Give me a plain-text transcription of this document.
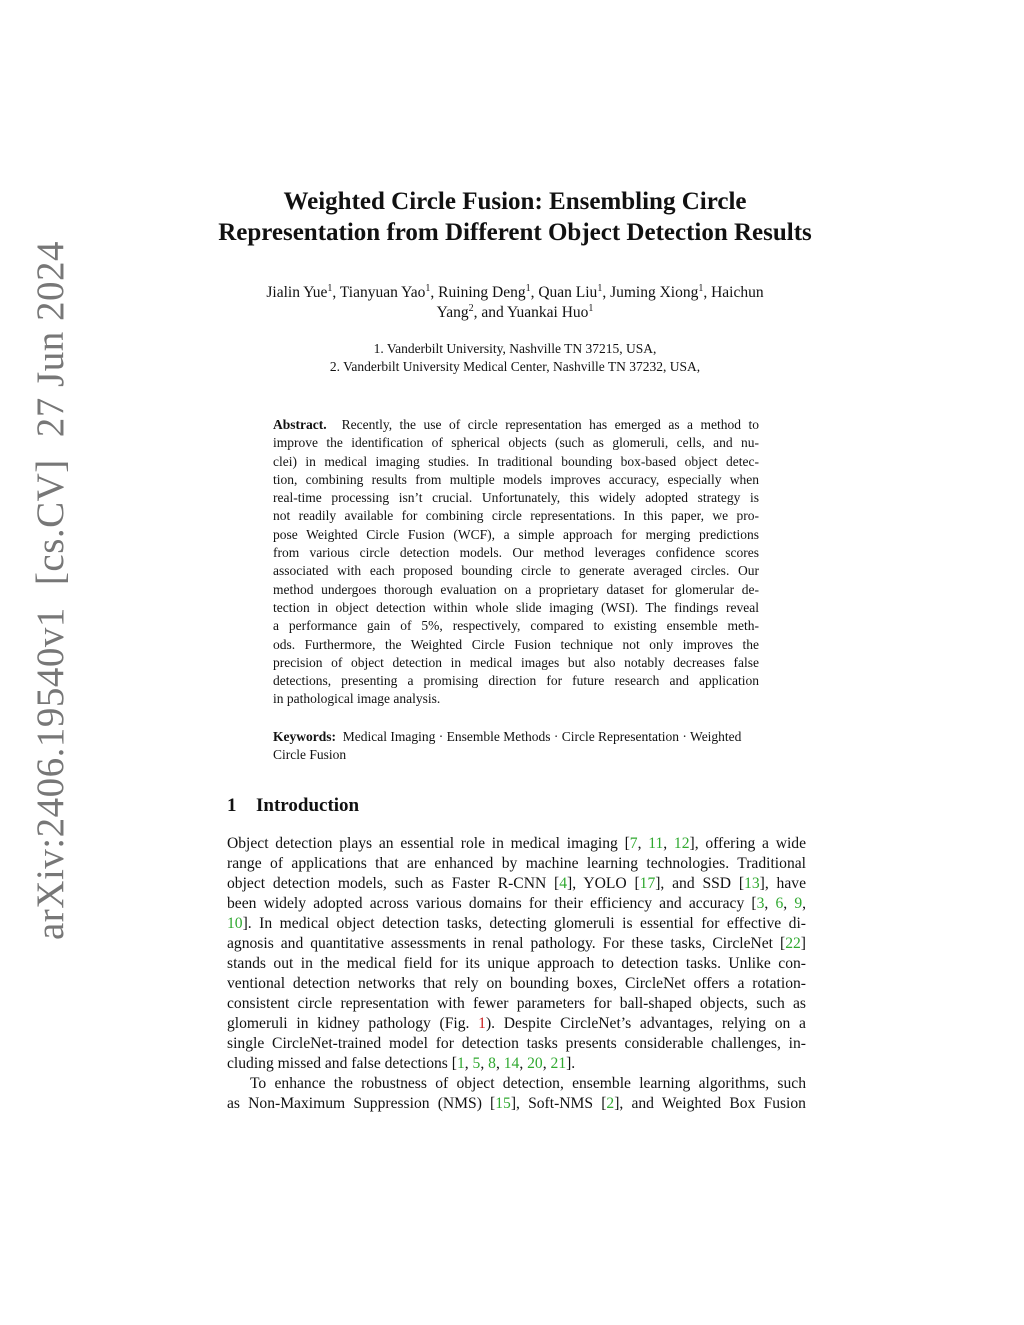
arXiv:2406.19540v1[cs.CV]27 Jun 2024
Weighted Circle Fusion: Ensembling Circle
Representation from Different Object Detection Results
Jialin Yue$^1$, Tianyuan Yao$^1$, Ruining Deng$^1$, Quan Liu$^1$, Juming Xiong$^1$, Haichun
Yang$^2$, and Yuankai Huo$^1$
1. Vanderbilt University, Nashville TN 37215, USA,
2. Vanderbilt University Medical Center, Nashville TN 37232, USA,
Abstract. Recently, the use of circle representation has emerged as a method to
improve the identification of spherical objects (such as glomeruli, cells, and nu-
clei) in medical imaging studies. In traditional bounding box-based object detec-
tion, combining results from multiple models improves accuracy, especially when
real-time processing isn’t crucial. Unfortunately, this widely adopted strategy is
not readily available for combining circle representations. In this paper, we pro-
pose Weighted Circle Fusion (WCF), a simple approach for merging predictions
from various circle detection models. Our method leverages confidence scores
associated with each proposed bounding circle to generate averaged circles. Our
method undergoes thorough evaluation on a proprietary dataset for glomerular de-
tection in object detection within whole slide imaging (WSI). The findings reveal
a performance gain of 5%, respectively, compared to existing ensemble meth-
ods. Furthermore, the Weighted Circle Fusion technique not only improves the
precision of object detection in medical images but also notably decreases false
detections, presenting a promising direction for future research and application
in pathological image analysis.
Keywords: Medical Imaging · Ensemble Methods · Circle Representation · Weighted
Circle Fusion
1 Introduction
Object detection plays an essential role in medical imaging [7, 11, 12], offering a wide
range of applications that are enhanced by machine learning technologies. Traditional
object detection models, such as Faster R-CNN [4], YOLO [17], and SSD [13], have
been widely adopted across various domains for their efficiency and accuracy [3, 6, 9,
10]. In medical object detection tasks, detecting glomeruli is essential for effective di-
agnosis and quantitative assessments in renal pathology. For these tasks, CircleNet [22]
stands out in the medical field for its unique approach to detection tasks. Unlike con-
ventional detection networks that rely on bounding boxes, CircleNet offers a rotation-
consistent circle representation with fewer parameters for ball-shaped objects, such as
glomeruli in kidney pathology (Fig. 1). Despite CircleNet’s advantages, relying on a
single CircleNet-trained model for detection tasks presents considerable challenges, in-
cluding missed and false detections [1, 5, 8, 14, 20, 21].
To enhance the robustness of object detection, ensemble learning algorithms, such
as Non-Maximum Suppression (NMS) [15], Soft-NMS [2], and Weighted Box Fusion
